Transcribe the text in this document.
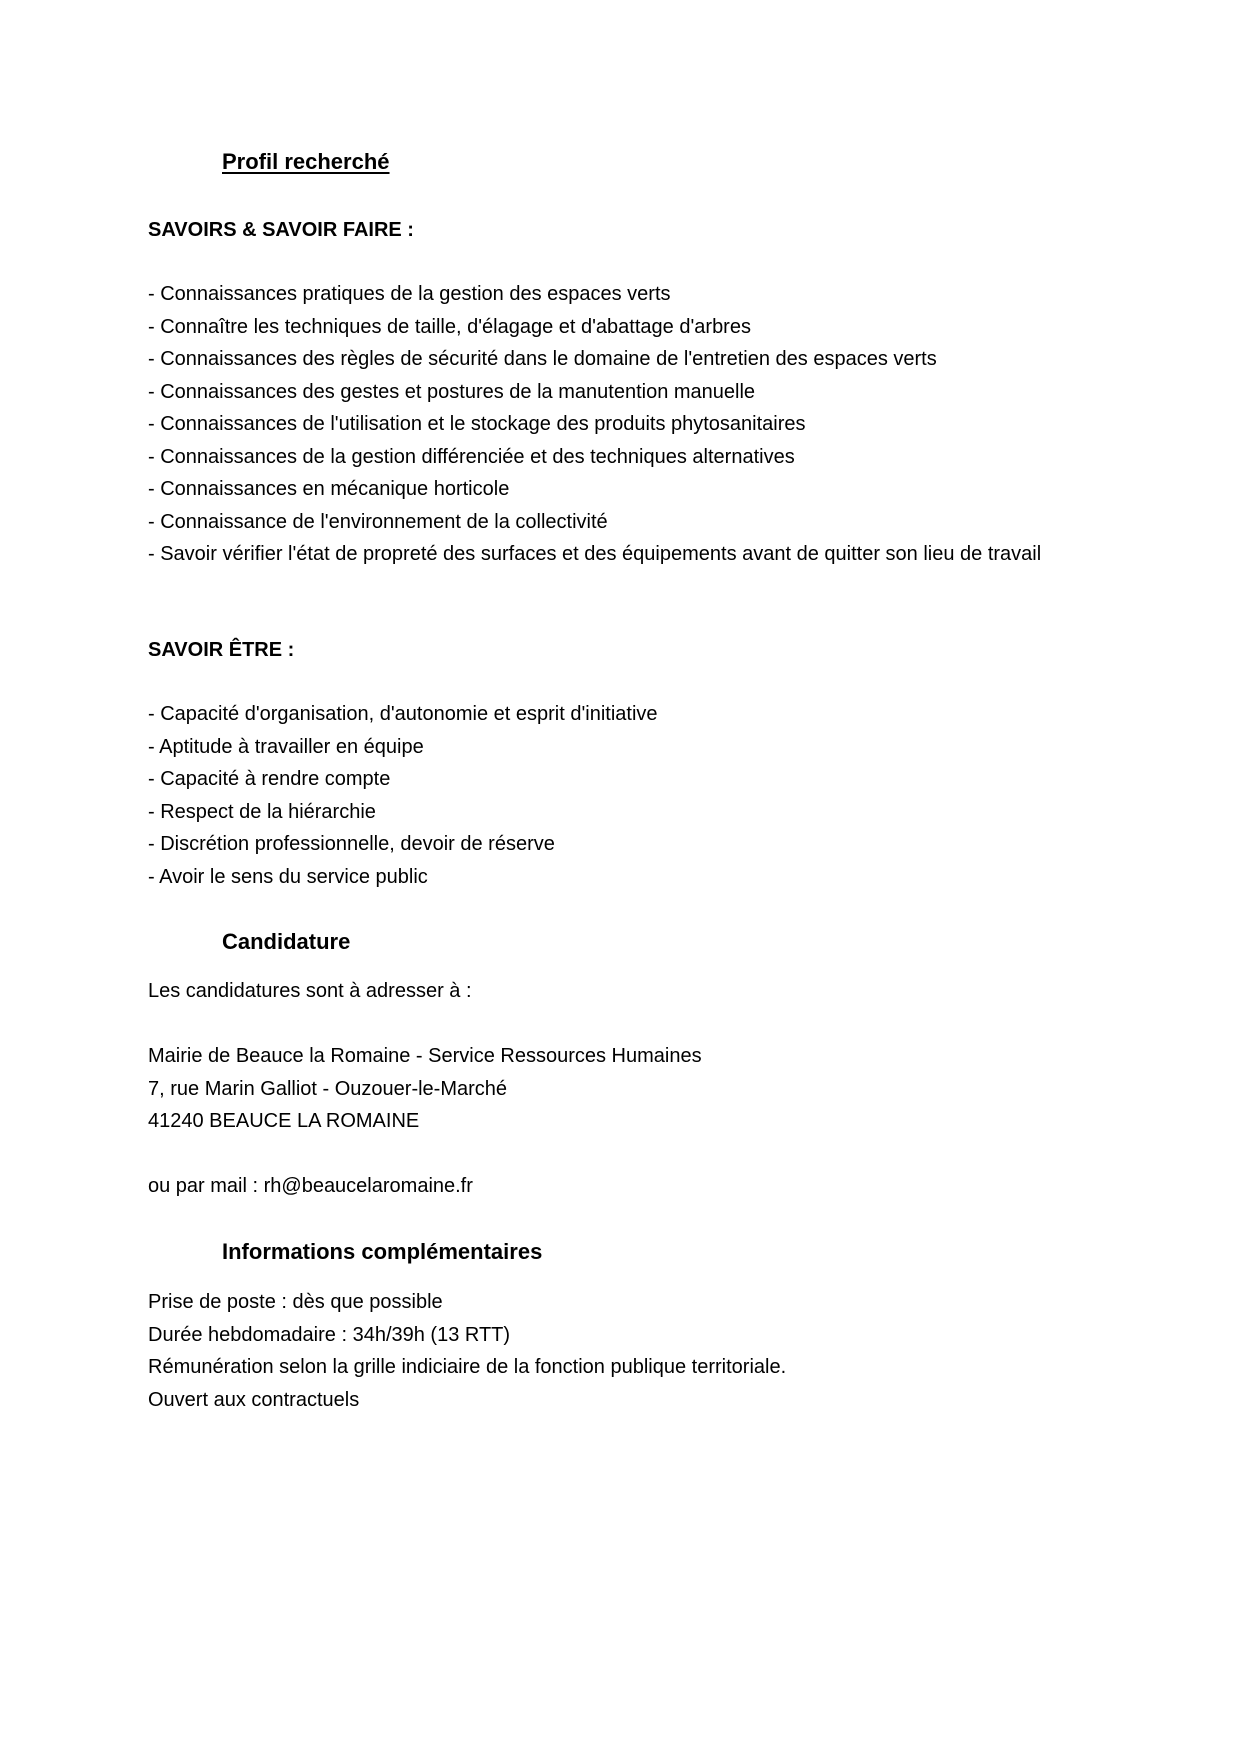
Profil recherché

SAVOIRS & SAVOIR FAIRE :

- Connaissances pratiques de la gestion des espaces verts
- Connaître les techniques de taille, d'élagage et d'abattage d'arbres
- Connaissances des règles de sécurité dans le domaine de l'entretien des espaces verts
- Connaissances des gestes et postures de la manutention manuelle
- Connaissances de l'utilisation et le stockage des produits phytosanitaires
- Connaissances de la gestion différenciée et des techniques alternatives
- Connaissances en mécanique horticole
- Connaissance de l'environnement de la collectivité
- Savoir vérifier l'état de propreté des surfaces et des équipements avant de quitter son lieu de travail

SAVOIR ÊTRE :

- Capacité d'organisation, d'autonomie et esprit d'initiative
- Aptitude à travailler en équipe
- Capacité à rendre compte
- Respect de la hiérarchie
- Discrétion professionnelle, devoir de réserve
- Avoir le sens du service public
Candidature

Les candidatures sont à adresser à :

Mairie de Beauce la Romaine - Service Ressources Humaines
7, rue Marin Galliot - Ouzouer-le-Marché
41240 BEAUCE LA ROMAINE

ou par mail : rh@beaucelaromaine.fr

Informations complémentaires
Prise de poste : dès que possible
Durée hebdomadaire : 34h/39h (13 RTT)
Rémunération selon la grille indiciaire de la fonction publique territoriale.
Ouvert aux contractuels
